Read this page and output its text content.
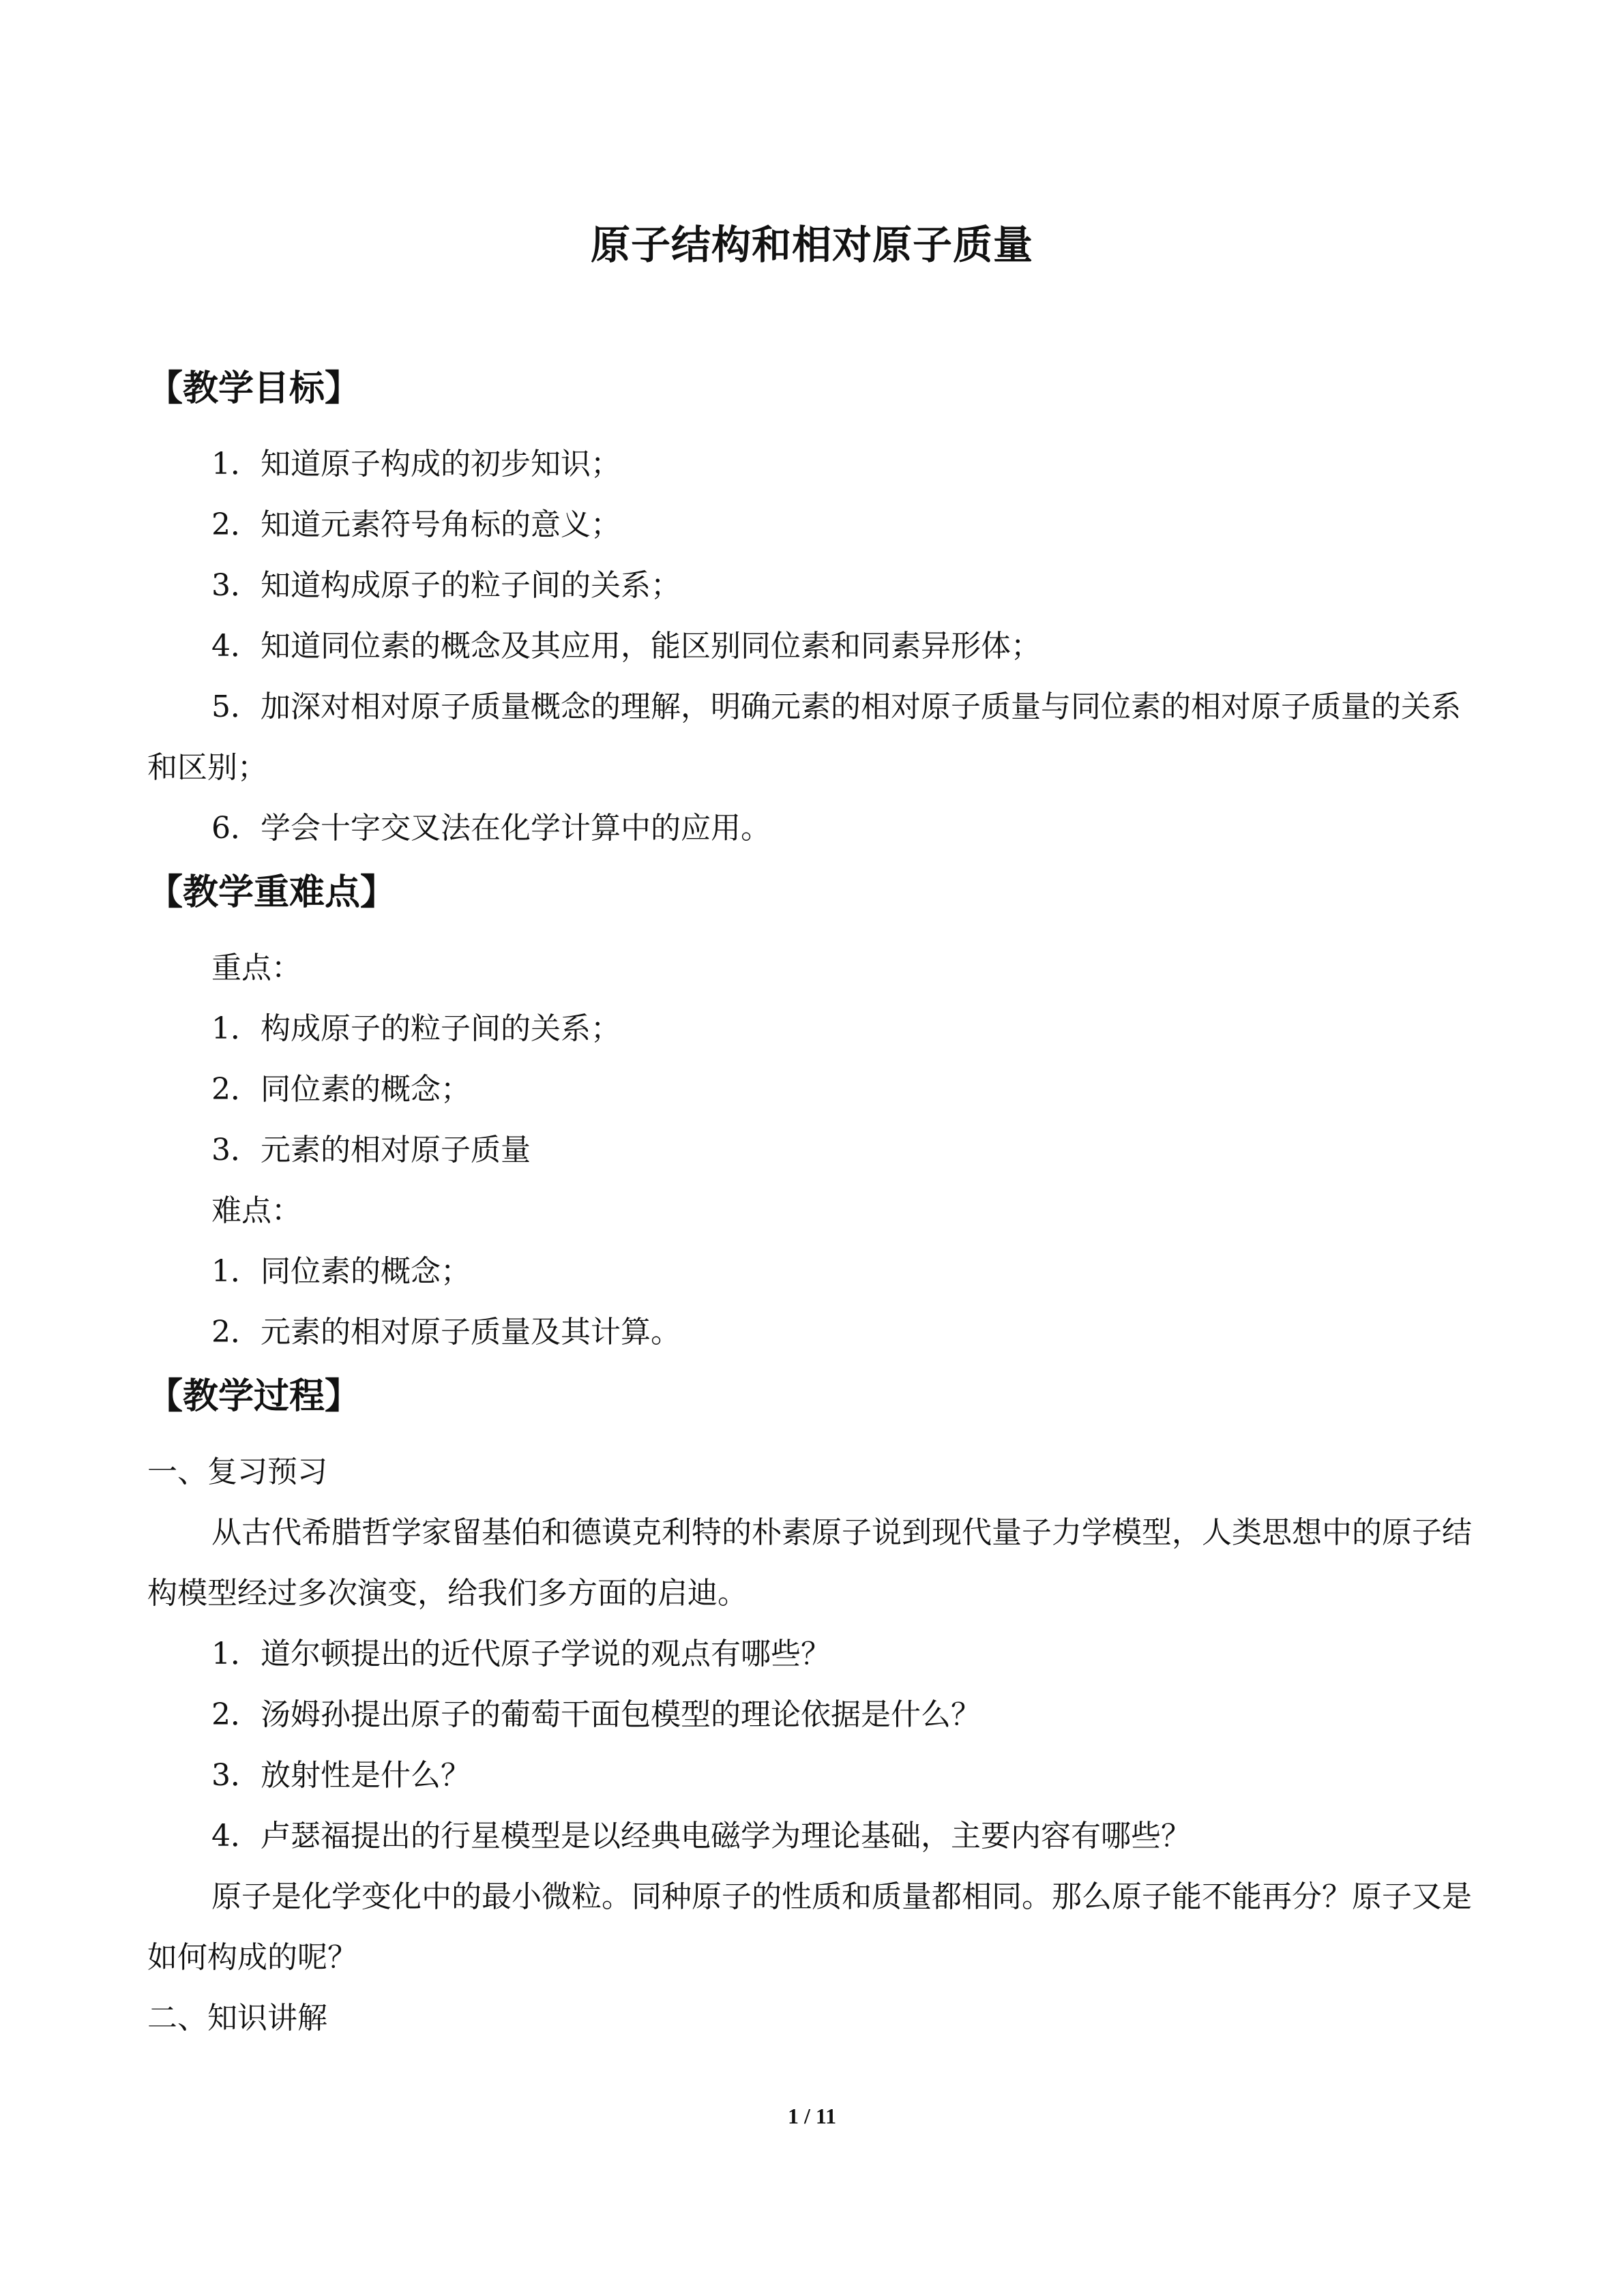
原子结构和相对原子质量

【教学目标】

1．知道原子构成的初步知识；

2．知道元素符号角标的意义；

3．知道构成原子的粒子间的关系；

4．知道同位素的概念及其应用，能区别同位素和同素异形体；

5．加深对相对原子质量概念的理解，明确元素的相对原子质量与同位素的相对原子质量的关系和区别；

6．学会十字交叉法在化学计算中的应用。

【教学重难点】

重点：

1．构成原子的粒子间的关系；

2．同位素的概念；

3．元素的相对原子质量

难点：

1．同位素的概念；

2．元素的相对原子质量及其计算。

【教学过程】

一、复习预习

从古代希腊哲学家留基伯和德谟克利特的朴素原子说到现代量子力学模型，人类思想中的原子结构模型经过多次演变，给我们多方面的启迪。

1．道尔顿提出的近代原子学说的观点有哪些？

2．汤姆孙提出原子的葡萄干面包模型的理论依据是什么？

3．放射性是什么？

4．卢瑟福提出的行星模型是以经典电磁学为理论基础，主要内容有哪些？

原子是化学变化中的最小微粒。同种原子的性质和质量都相同。那么原子能不能再分？原子又是如何构成的呢？

二、知识讲解

1 / 11
